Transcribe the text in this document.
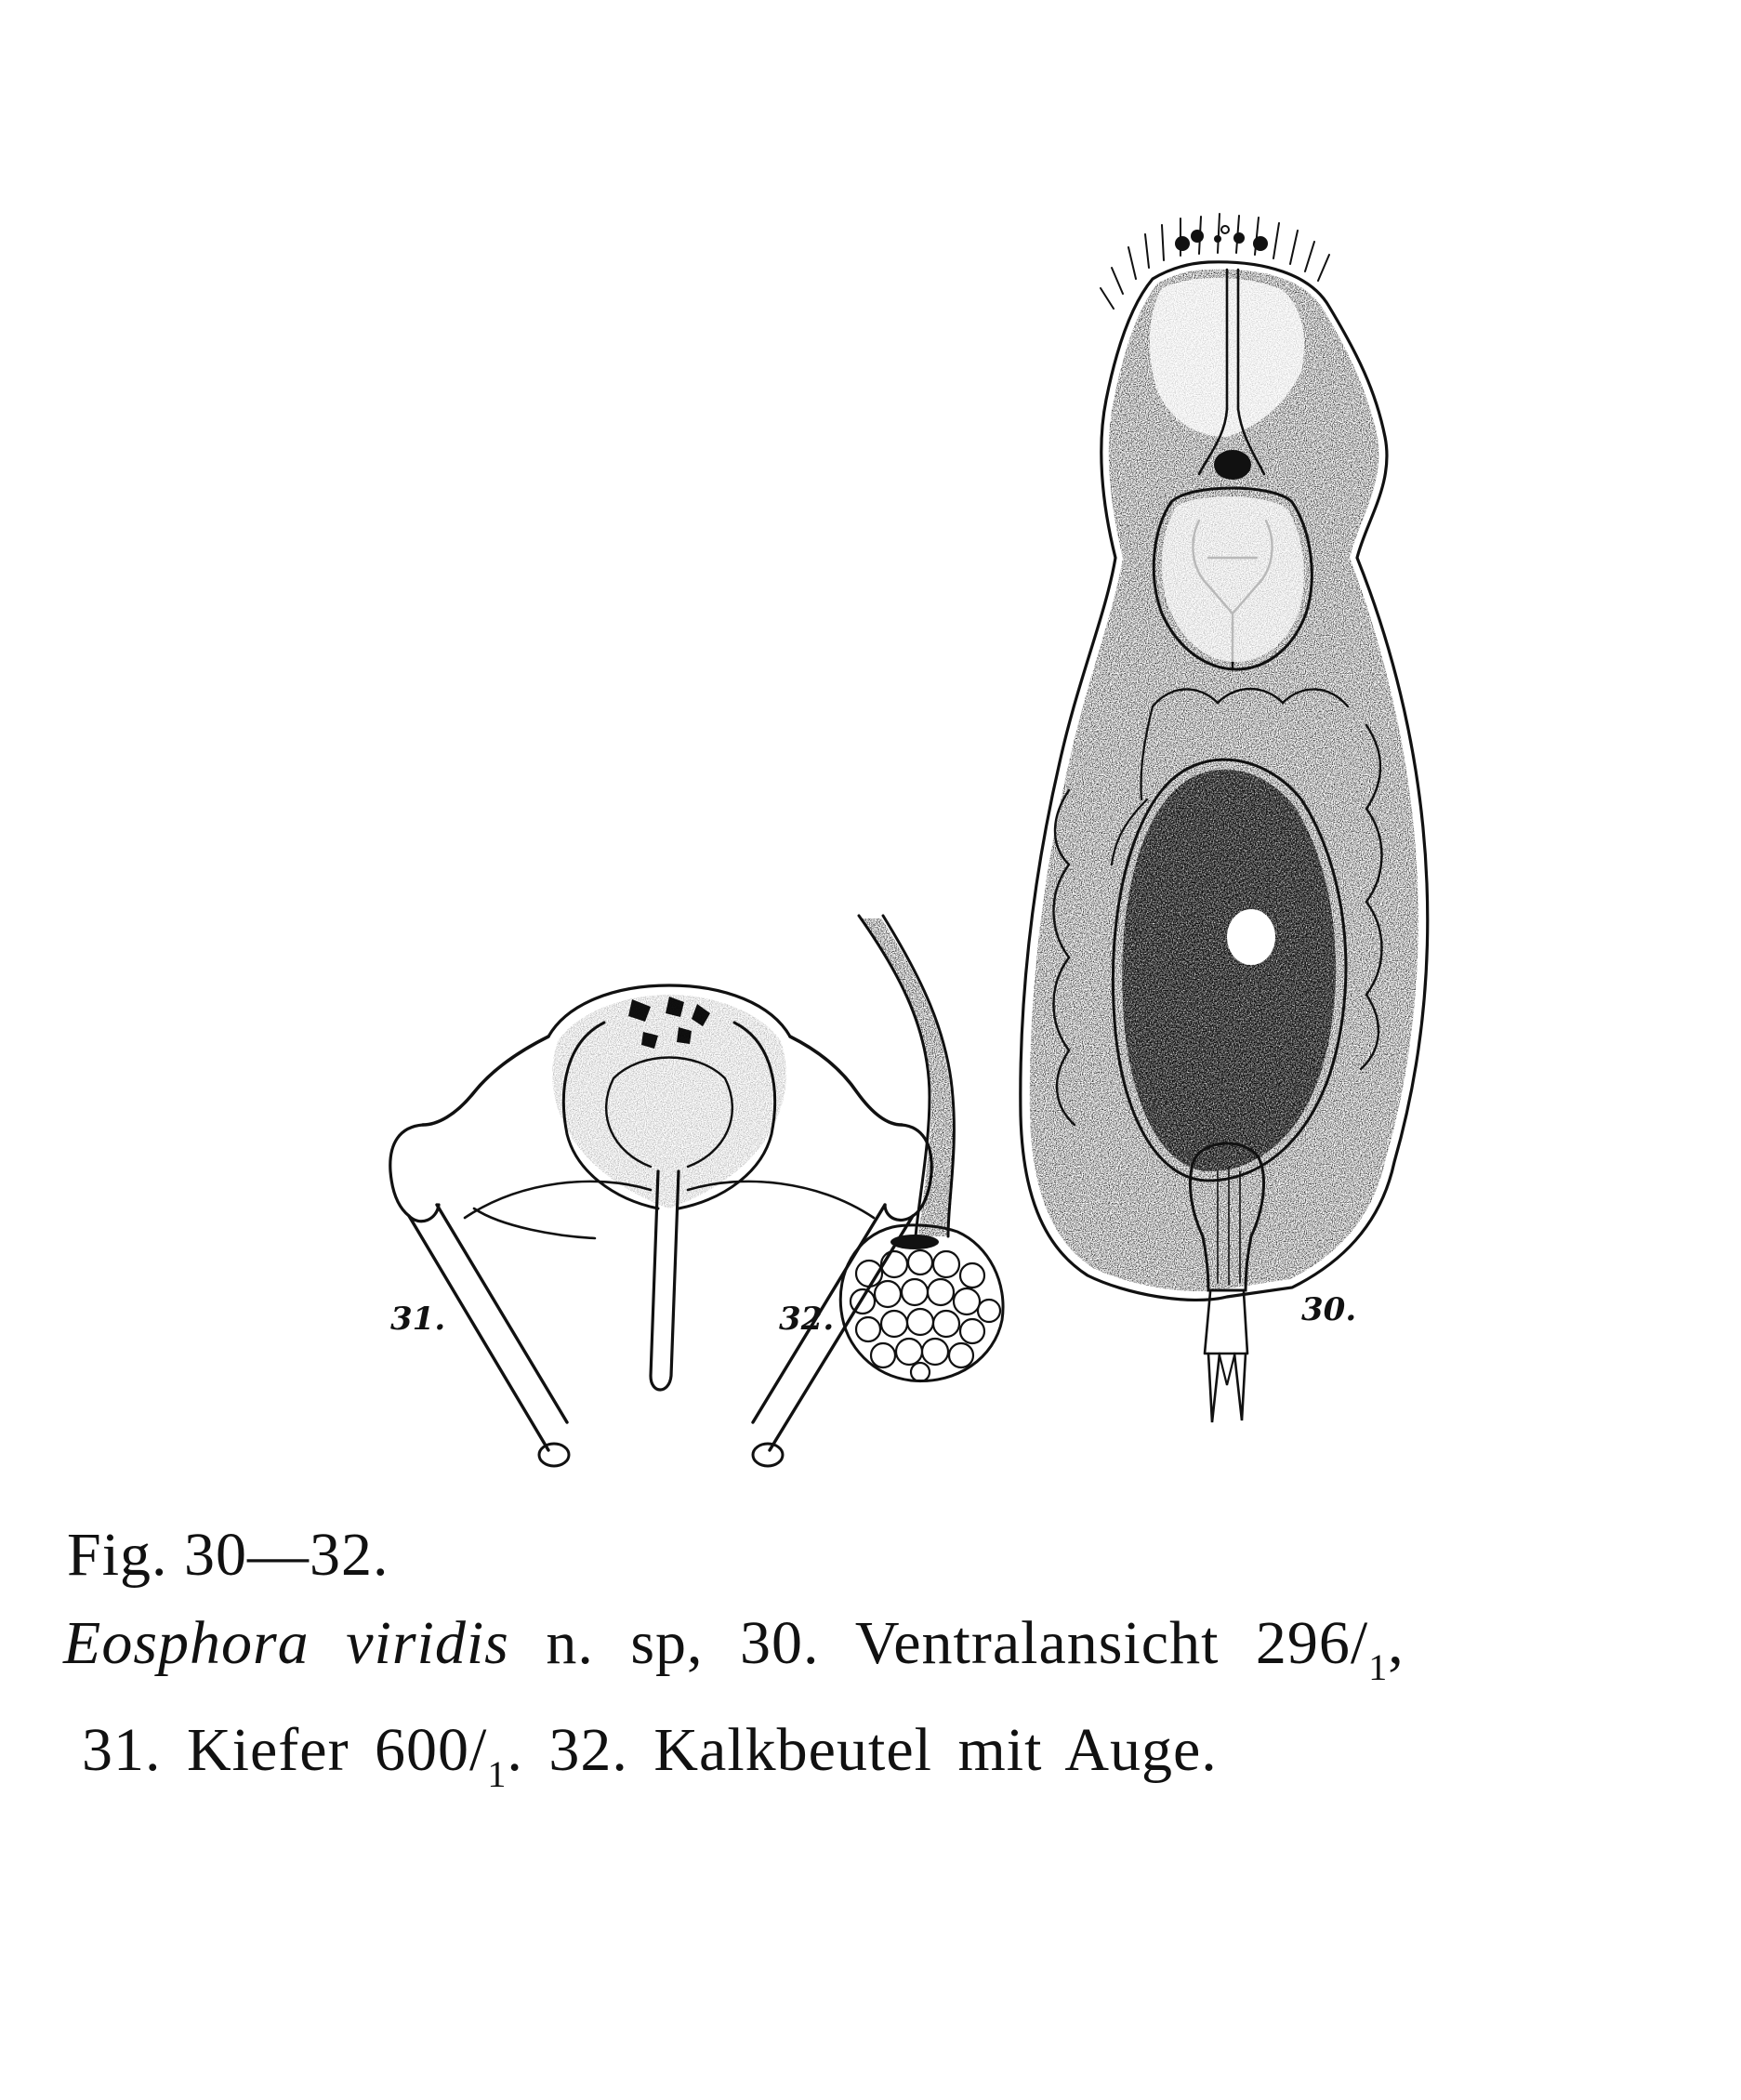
30.
31.	32.
Fig. 30—32.
Eosphora viridis n. sp, 30. Ventralansicht $296/_1$,
31. Kiefer $600/_1$. 32. Kalkbeutel mit Auge.
